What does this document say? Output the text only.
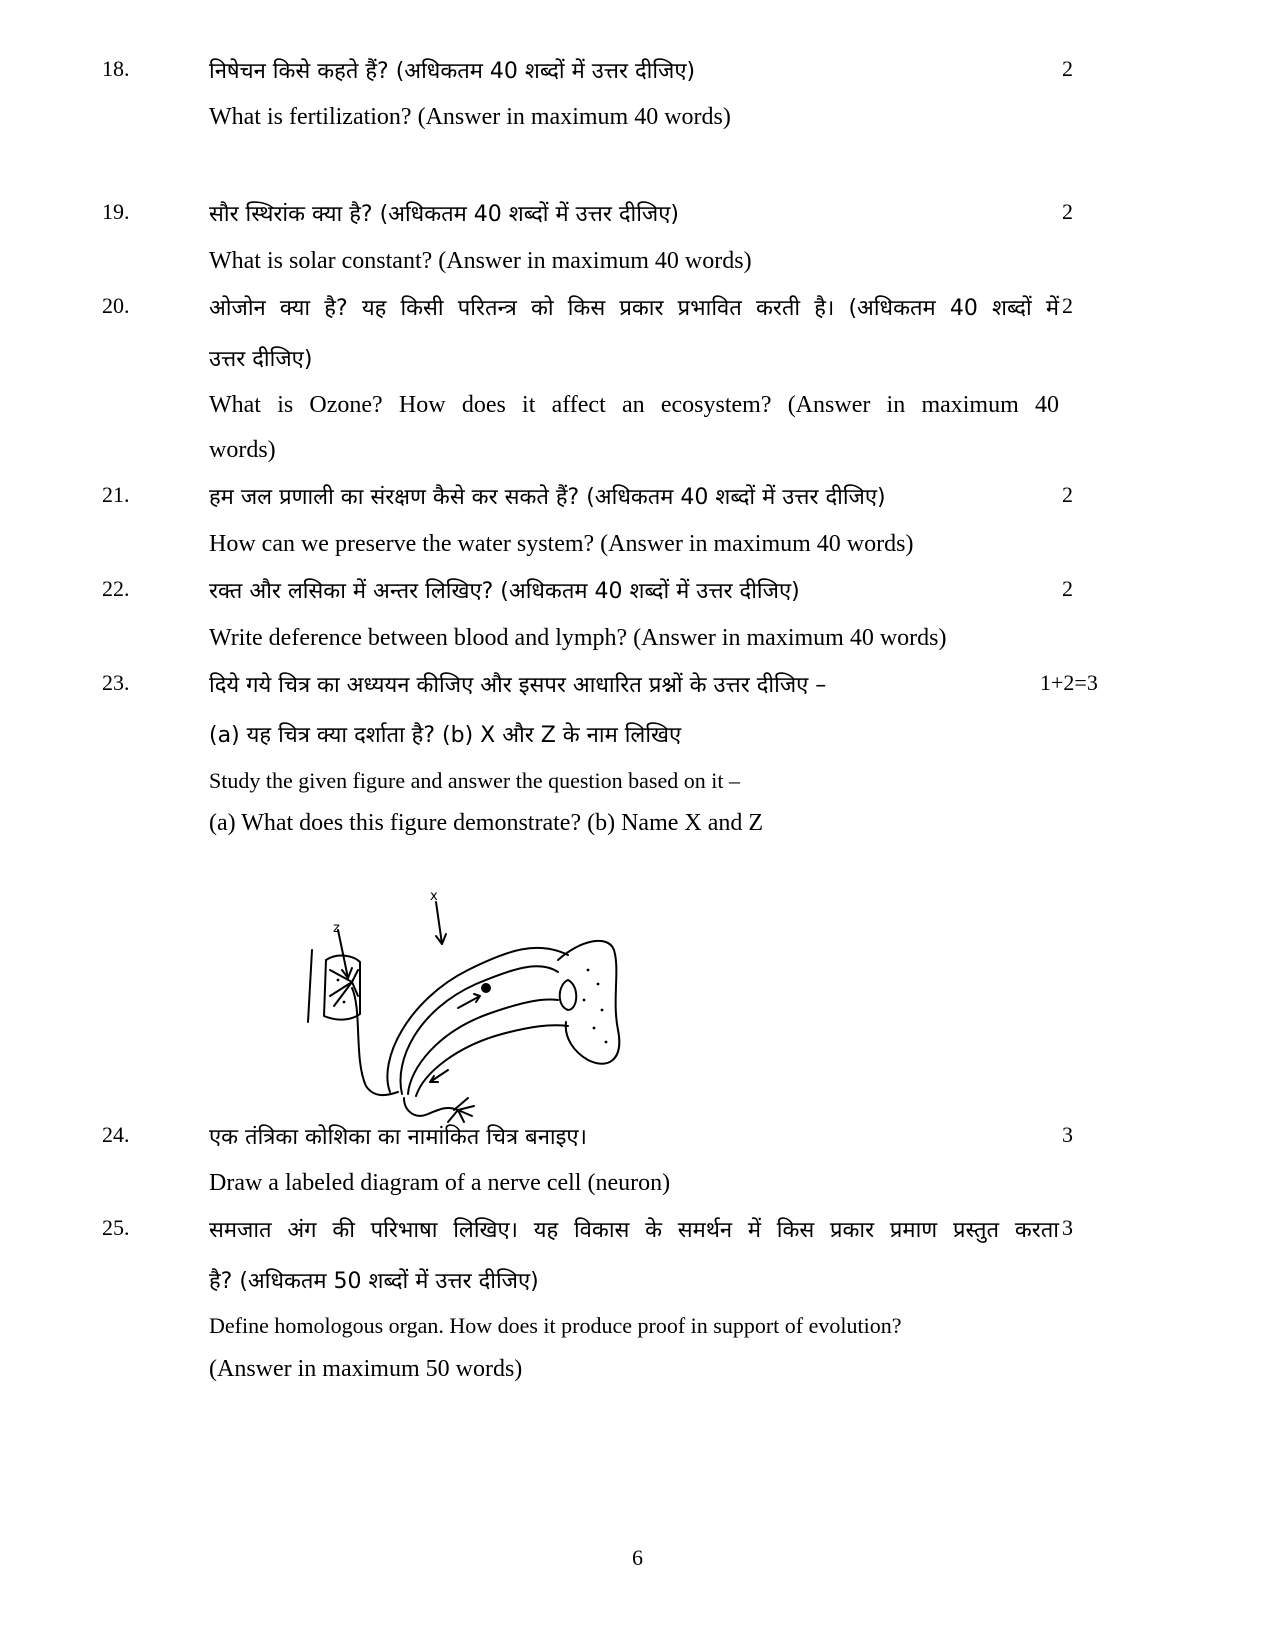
18.	निषेचन किसे कहते हैं? (अधिकतम 40 शब्दों में उत्तर दीजिए)	2
What is fertilization? (Answer in maximum 40 words)
19.	सौर स्थिरांक क्या है? (अधिकतम 40 शब्दों में उत्तर दीजिए)	2
What is solar constant? (Answer in maximum 40 words)
20.	ओजोन क्या है? यह किसी परितन्त्र को किस प्रकार प्रभावित करती है। (अधिकतम 40 शब्दों में 2
उत्तर दीजिए)
What is Ozone? How does it affect an ecosystem? (Answer in maximum 40
words)
21.	हम जल प्रणाली का संरक्षण कैसे कर सकते हैं? (अधिकतम 40 शब्दों में उत्तर दीजिए)	2
How can we preserve the water system? (Answer in maximum 40 words)
22.	रक्त और लसिका में अन्तर लिखिए? (अधिकतम 40 शब्दों में उत्तर दीजिए)	2
Write deference between blood and lymph? (Answer in maximum 40 words)
23.	दिये गये चित्र का अध्ययन कीजिए और इसपर आधारित प्रश्नों के उत्तर दीजिए –	1+2=3
(a) यह चित्र क्या दर्शाता है? (b) X और Z के नाम लिखिए
Study the given figure and answer the question based on it –
(a) What does this figure demonstrate? (b) Name X and Z
z
x
24.	एक तंत्रिका कोशिका का नामांकित चित्र बनाइए।	3
Draw a labeled diagram of a nerve cell (neuron)
25.	समजात अंग की परिभाषा लिखिए। यह विकास के समर्थन में किस प्रकार प्रमाण प्रस्तुत करता 3
है? (अधिकतम 50 शब्दों में उत्तर दीजिए)
Define homologous organ. How does it produce proof in support of evolution?
(Answer in maximum 50 words)
6
